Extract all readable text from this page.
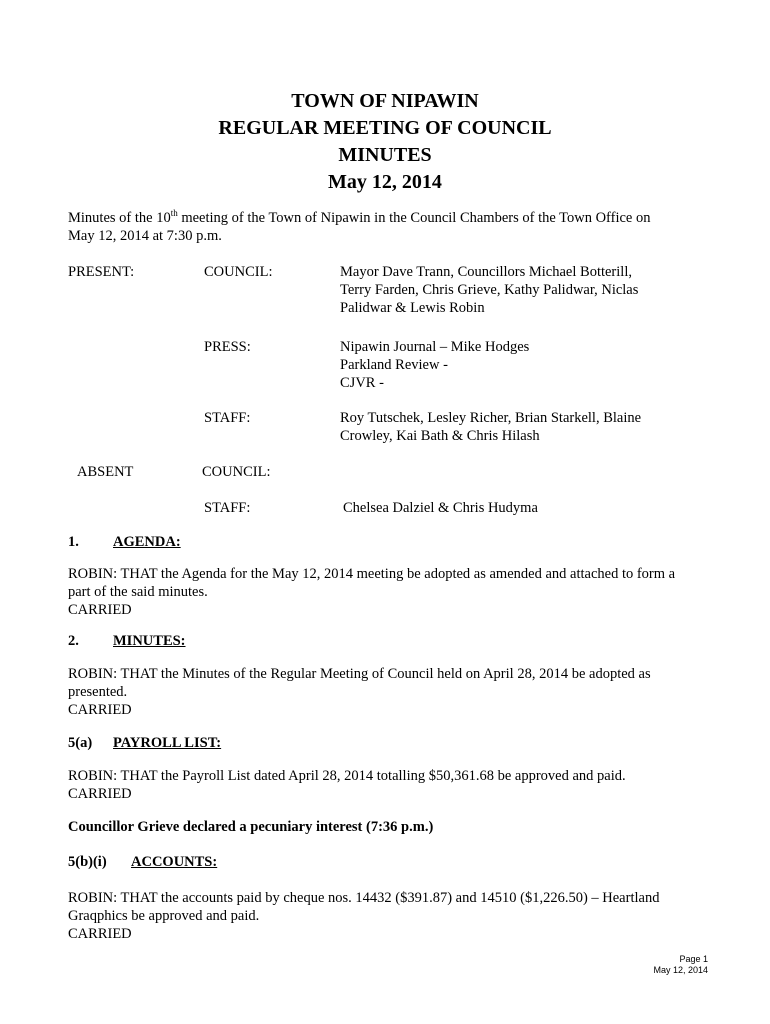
TOWN OF NIPAWIN
REGULAR MEETING OF COUNCIL
MINUTES
May 12, 2014
Minutes of the 10th meeting of the Town of Nipawin in the Council Chambers of the Town Office on
May 12, 2014 at 7:30 p.m.
PRESENT:	COUNCIL:	Mayor Dave Trann, Councillors Michael Botterill,
Terry Farden, Chris Grieve, Kathy Palidwar, Niclas
Palidwar & Lewis Robin
PRESS:	Nipawin Journal – Mike Hodges
Parkland Review -
CJVR -
STAFF:	Roy Tutschek, Lesley Richer, Brian Starkell, Blaine
Crowley, Kai Bath & Chris Hilash
ABSENT	COUNCIL:
STAFF:	Chelsea Dalziel & Chris Hudyma
1. AGENDA:
ROBIN: THAT the Agenda for the May 12, 2014 meeting be adopted as amended and attached to form a
part of the said minutes.
CARRIED
2. MINUTES:
ROBIN: THAT the Minutes of the Regular Meeting of Council held on April 28, 2014 be adopted as
presented.
CARRIED
5(a) PAYROLL LIST:
ROBIN: THAT the Payroll List dated April 28, 2014 totalling $50,361.68 be approved and paid.
CARRIED
Councillor Grieve declared a pecuniary interest (7:36 p.m.)
5(b)(i) ACCOUNTS:
ROBIN: THAT the accounts paid by cheque nos. 14432 ($391.87) and 14510 ($1,226.50) – Heartland
Graqphics be approved and paid.
CARRIED
Page 1
May 12, 2014
